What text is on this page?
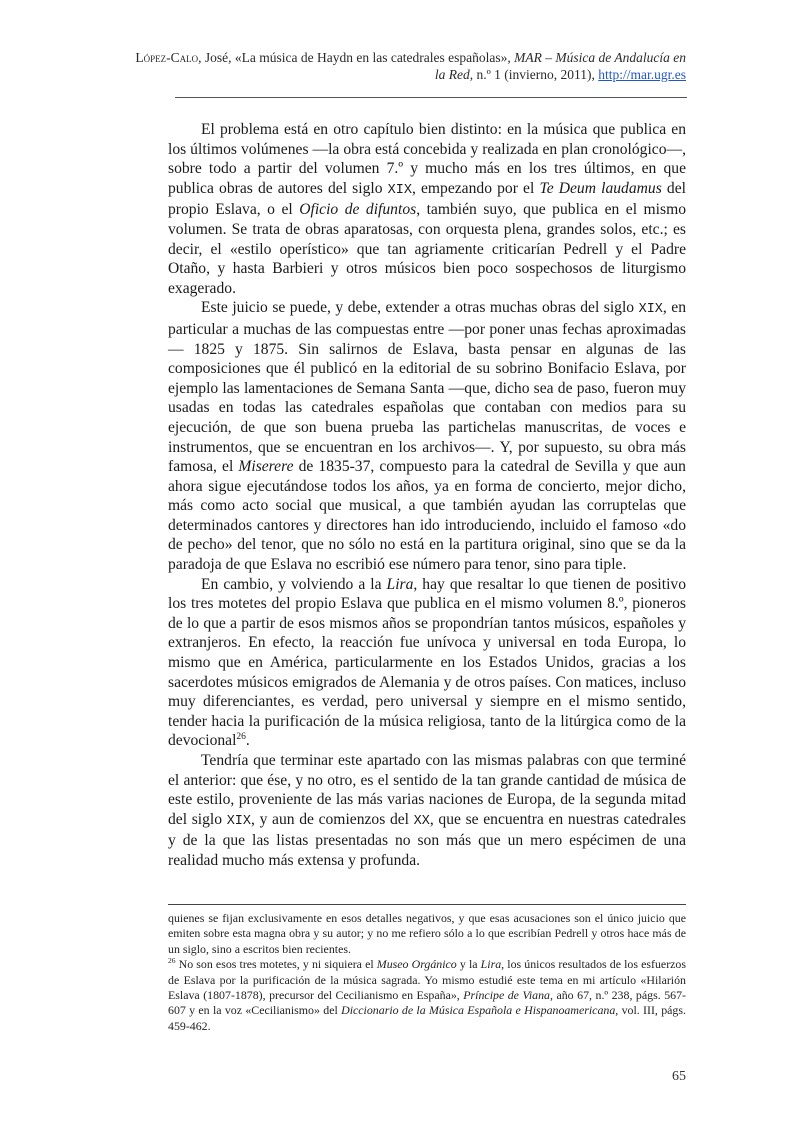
López-Calo, José, «La música de Haydn en las catedrales españolas», MAR – Música de Andalucía en la Red, n.º 1 (invierno, 2011), http://mar.ugr.es

El problema está en otro capítulo bien distinto: en la música que publica en los últimos volúmenes —la obra está concebida y realizada en plan cronológico—, sobre todo a partir del volumen 7.º y mucho más en los tres últimos, en que publica obras de autores del siglo XIX, empezando por el Te Deum laudamus del propio Eslava, o el Oficio de difuntos, también suyo, que publica en el mismo volumen. Se trata de obras aparatosas, con orquesta plena, grandes solos, etc.; es decir, el «estilo operístico» que tan agriamente criticarían Pedrell y el Padre Otaño, y hasta Barbieri y otros músicos bien poco sospechosos de liturgismo exagerado.

Este juicio se puede, y debe, extender a otras muchas obras del siglo XIX, en particular a muchas de las compuestas entre —por poner unas fechas aproximadas— 1825 y 1875. Sin salirnos de Eslava, basta pensar en algunas de las composiciones que él publicó en la editorial de su sobrino Bonifacio Eslava, por ejemplo las lamentaciones de Semana Santa —que, dicho sea de paso, fueron muy usadas en todas las catedrales españolas que contaban con medios para su ejecución, de que son buena prueba las partichelas manuscritas, de voces e instrumentos, que se encuentran en los archivos—. Y, por supuesto, su obra más famosa, el Miserere de 1835-37, compuesto para la catedral de Sevilla y que aun ahora sigue ejecutándose todos los años, ya en forma de concierto, mejor dicho, más como acto social que musical, a que también ayudan las corruptelas que determinados cantores y directores han ido introduciendo, incluido el famoso «do de pecho» del tenor, que no sólo no está en la partitura original, sino que se da la paradoja de que Eslava no escribió ese número para tenor, sino para tiple.

En cambio, y volviendo a la Lira, hay que resaltar lo que tienen de positivo los tres motetes del propio Eslava que publica en el mismo volumen 8.º, pioneros de lo que a partir de esos mismos años se propondrían tantos músicos, españoles y extranjeros. En efecto, la reacción fue unívoca y universal en toda Europa, lo mismo que en América, particularmente en los Estados Unidos, gracias a los sacerdotes músicos emigrados de Alemania y de otros países. Con matices, incluso muy diferenciantes, es verdad, pero universal y siempre en el mismo sentido, tender hacia la purificación de la música religiosa, tanto de la litúrgica como de la devocional$^{26}$.

Tendría que terminar este apartado con las mismas palabras con que terminé el anterior: que ése, y no otro, es el sentido de la tan grande cantidad de música de este estilo, proveniente de las más varias naciones de Europa, de la segunda mitad del siglo XIX, y aun de comienzos del XX, que se encuentra en nuestras catedrales y de la que las listas presentadas no son más que un mero espécimen de una realidad mucho más extensa y profunda.

quienes se fijan exclusivamente en esos detalles negativos, y que esas acusaciones son el único juicio que emiten sobre esta magna obra y su autor; y no me refiero sólo a lo que escribían Pedrell y otros hace más de un siglo, sino a escritos bien recientes.

$^{26}$ No son esos tres motetes, y ni siquiera el Museo Orgánico y la Lira, los únicos resultados de los esfuerzos de Eslava por la purificación de la música sagrada. Yo mismo estudié este tema en mi artículo «Hilarión Eslava (1807-1878), precursor del Cecilianismo en España», Príncipe de Viana, año 67, n.º 238, págs. 567-607 y en la voz «Cecilianismo» del Diccionario de la Música Española e Hispanoamericana, vol. III, págs. 459-462.

65
